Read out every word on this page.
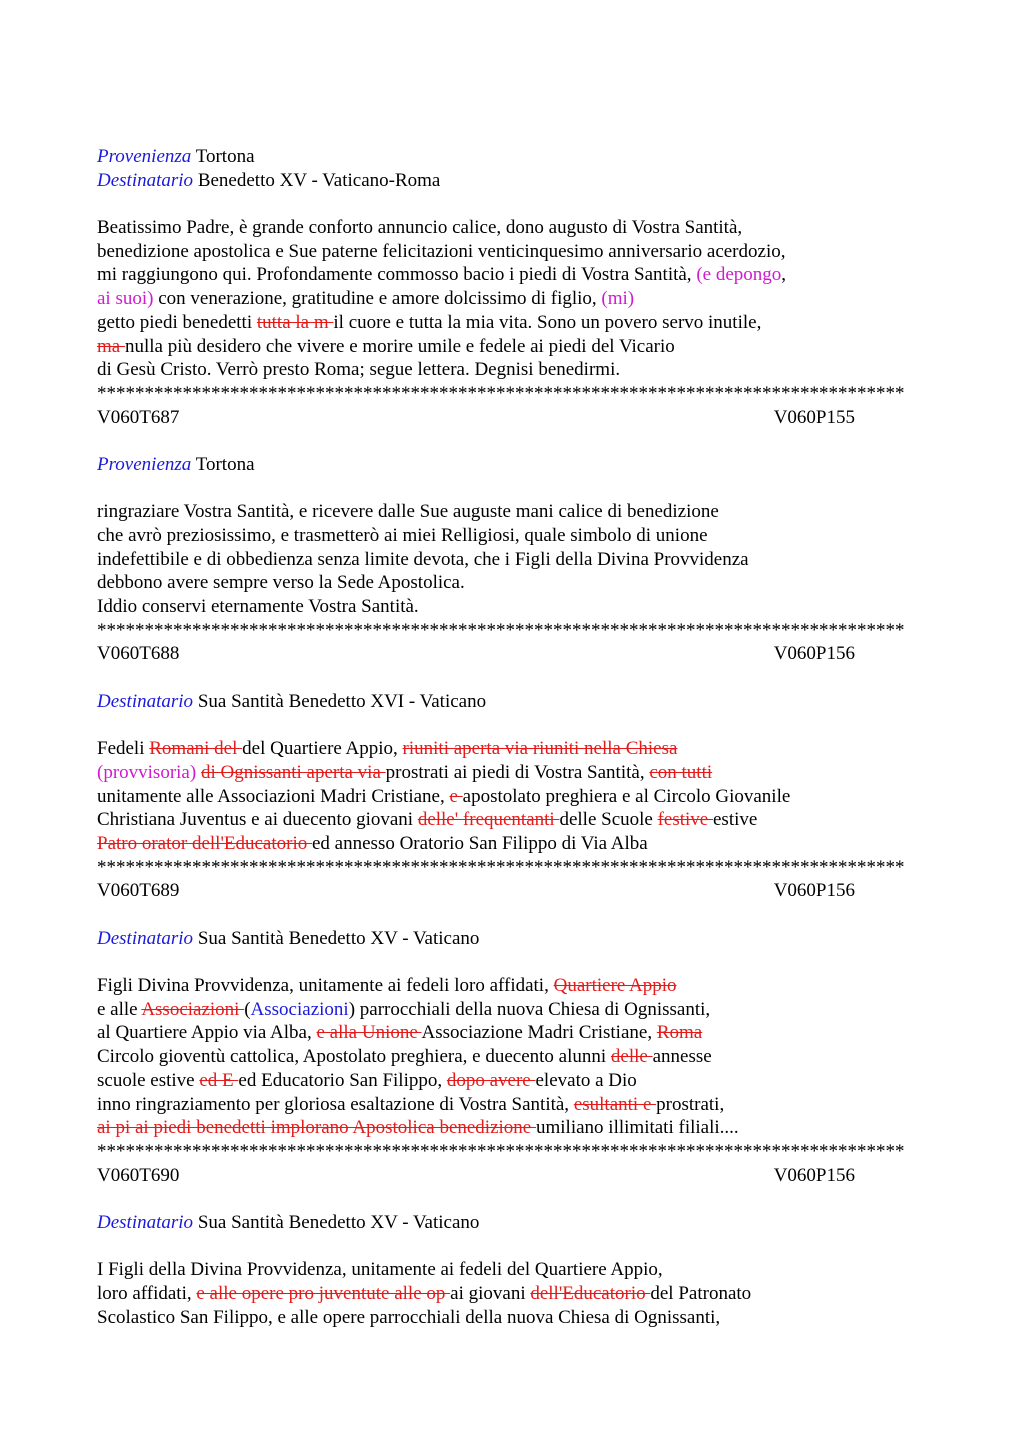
Provenienza Tortona
Destinatario Benedetto XV - Vaticano-Roma
Beatissimo Padre, è grande conforto annuncio calice, dono augusto di Vostra Santità,
benedizione apostolica e Sue paterne felicitazioni venticinquesimo anniversario acerdozio,
mi raggiungono qui. Profondamente commosso bacio i piedi di Vostra Santità, (e depongo,
ai suoi) con venerazione, gratitudine e amore dolcissimo di figlio, (mi)
getto piedi benedetti tutta la m il cuore e tutta la mia vita. Sono un povero servo inutile,
ma nulla più desidero che vivere e morire umile e fedele ai piedi del Vicario
di Gesù Cristo. Verrò presto Roma; segue lettera. Degnisi benedirmi.
*************************************************************************************
V060T687	V060P155
Provenienza Tortona
ringraziare Vostra Santità, e ricevere dalle Sue auguste mani calice di benedizione
che avrò preziosissimo, e trasmetterò ai miei Relligiosi, quale simbolo di unione
indefettibile e di obbedienza senza limite devota, che i Figli della Divina Provvidenza
debbono avere sempre verso la Sede Apostolica.
Iddio conservi eternamente Vostra Santità.
*************************************************************************************
V060T688	V060P156
Destinatario Sua Santità Benedetto XVI - Vaticano
Fedeli Romani del del Quartiere Appio, riuniti aperta via riuniti nella Chiesa
(provvisoria) di Ognissanti aperta via prostrati ai piedi di Vostra Santità, con tutti
unitamente alle Associazioni Madri Cristiane, e apostolato preghiera e al Circolo Giovanile
Christiana Juventus e ai duecento giovani delle' frequentanti delle Scuole festive estive
Patro orator dell'Educatorio ed annesso Oratorio San Filippo di Via Alba
*************************************************************************************
V060T689	V060P156
Destinatario Sua Santità Benedetto XV - Vaticano
Figli Divina Provvidenza, unitamente ai fedeli loro affidati, Quartiere Appio
e alle Associazioni (Associazioni) parrocchiali della nuova Chiesa di Ognissanti,
al Quartiere Appio via Alba, e alla Unione Associazione Madri Cristiane, Roma
Circolo gioventù cattolica, Apostolato preghiera, e duecento alunni delle annesse
scuole estive ed E ed Educatorio San Filippo, dopo avere elevato a Dio
inno ringraziamento per gloriosa esaltazione di Vostra Santità, esultanti e prostrati,
ai pi ai piedi benedetti implorano Apostolica benedizione umiliano illimitati filiali....
*************************************************************************************
V060T690	V060P156
Destinatario Sua Santità Benedetto XV - Vaticano
I Figli della Divina Provvidenza, unitamente ai fedeli del Quartiere Appio,
loro affidati, e alle opere pro juventute alle op ai giovani dell'Educatorio del Patronato
Scolastico San Filippo, e alle opere parrocchiali della nuova Chiesa di Ognissanti,
